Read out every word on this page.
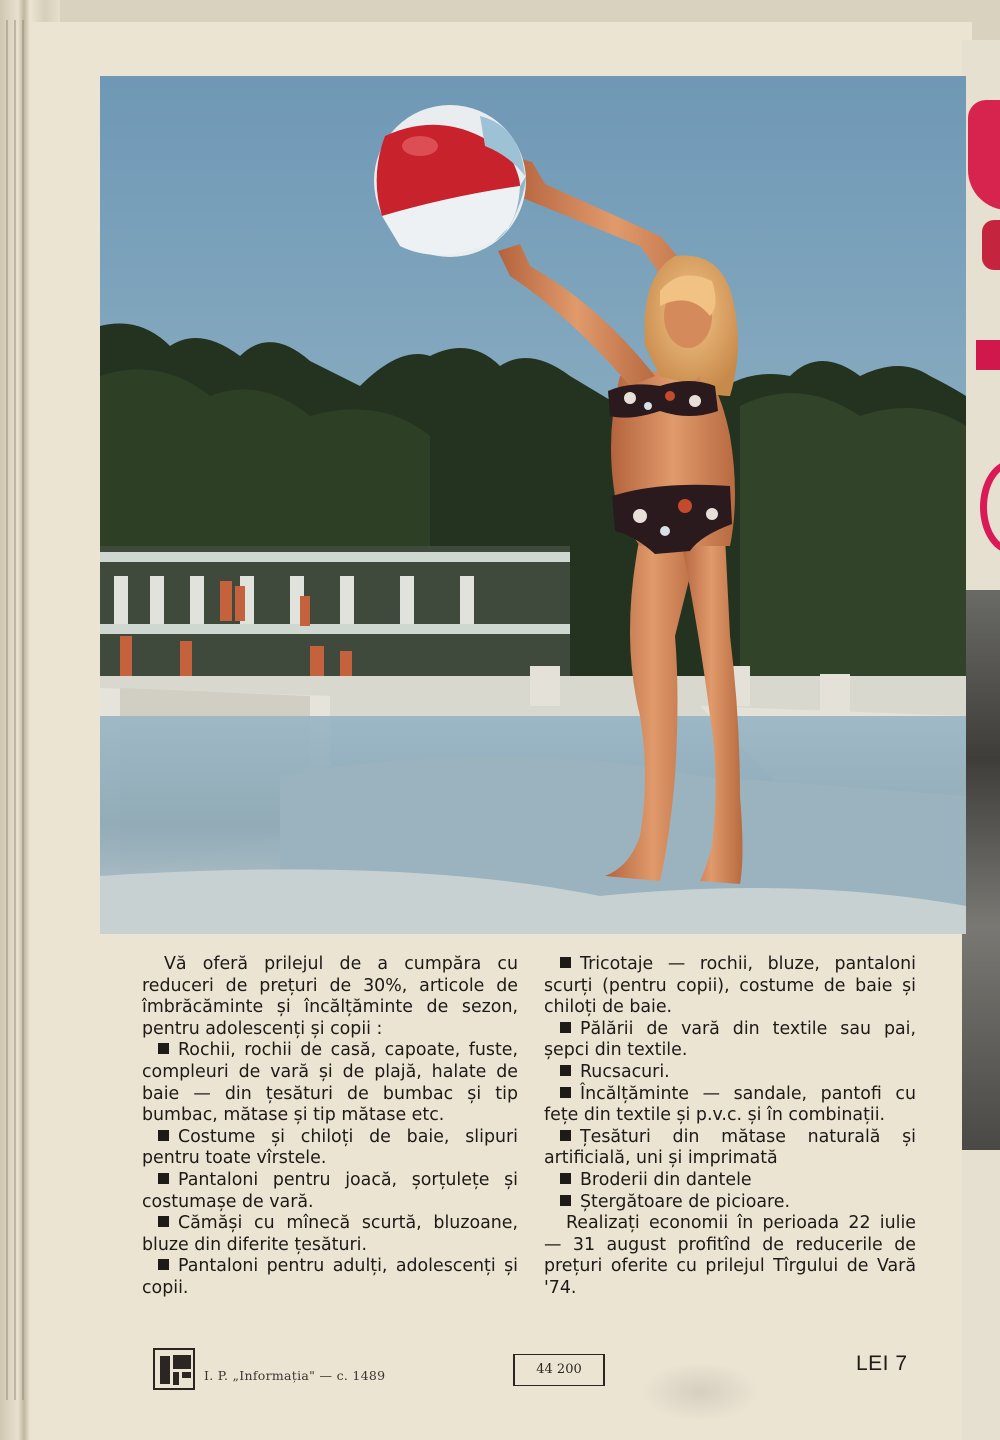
Vă oferă prilejul de a cumpăra cu reduceri de prețuri de 30%, articole de îmbrăcăminte și încălțăminte de sezon, pentru adolescenți și copii :

Rochii, rochii de casă, capoate, fuste, compleuri de vară și de plajă, halate de baie — din țesături de bumbac și tip bumbac, mătase și tip mătase etc.

Costume și chiloți de baie, slipuri pentru toate vîrstele.

Pantaloni pentru joacă, șorțulețe și costumașe de vară.

Cămăși cu mînecă scurtă, bluzoane, bluze din diferite țesături.

Pantaloni pentru adulți, adolescenți și copii.

Tricotaje — rochii, bluze, pantaloni scurți (pentru copii), costume de baie și chiloți de baie.

Pălării de vară din textile sau pai, șepci din textile.

Rucsacuri.

Încălțăminte — sandale, pantofi cu fețe din textile și p.v.c. și în combinații.

Țesături din mătase naturală și artificială, uni și imprimată

Broderii din dantele

Ștergătoare de picioare.

Realizați economii în perioada 22 iulie — 31 august profitînd de reducerile de prețuri oferite cu prilejul Tîrgului de Vară '74.

I. P. „Informația" — c. 1489	44 200	LEI 7
